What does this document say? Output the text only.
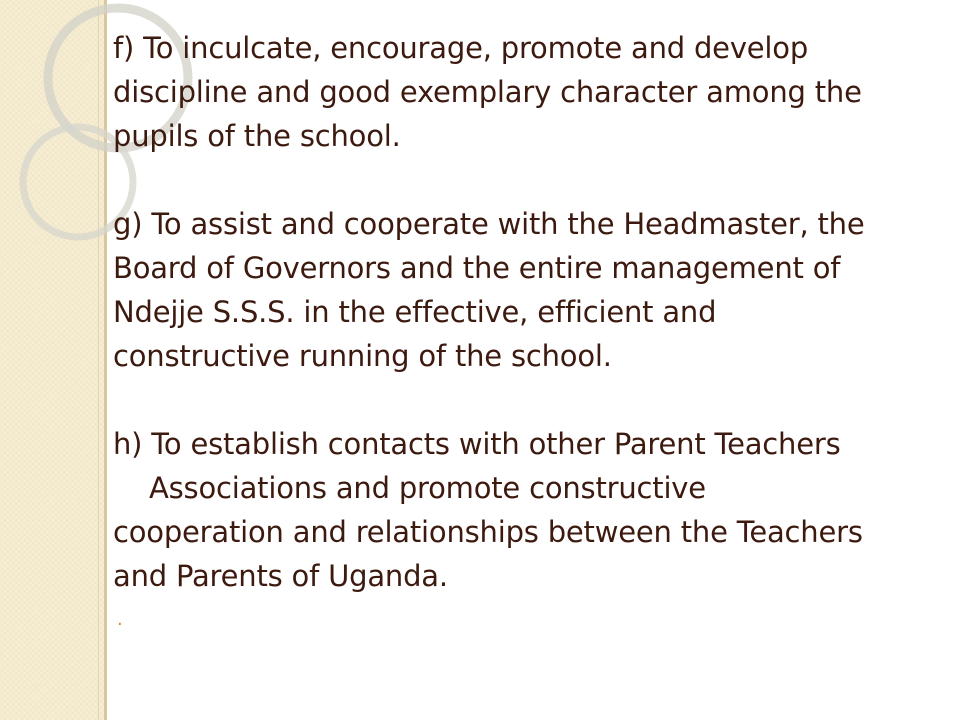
f) To inculcate, encourage, promote and develop
discipline and good exemplary character among the
pupils of the school.
g) To assist and cooperate with the Headmaster, the
Board of Governors and the entire management of
Ndejje S.S.S. in the effective, efficient and
constructive running of the school.
h) To establish contacts with other Parent Teachers
Associations and promote constructive
cooperation and relationships between the Teachers
and Parents of Uganda.
.
